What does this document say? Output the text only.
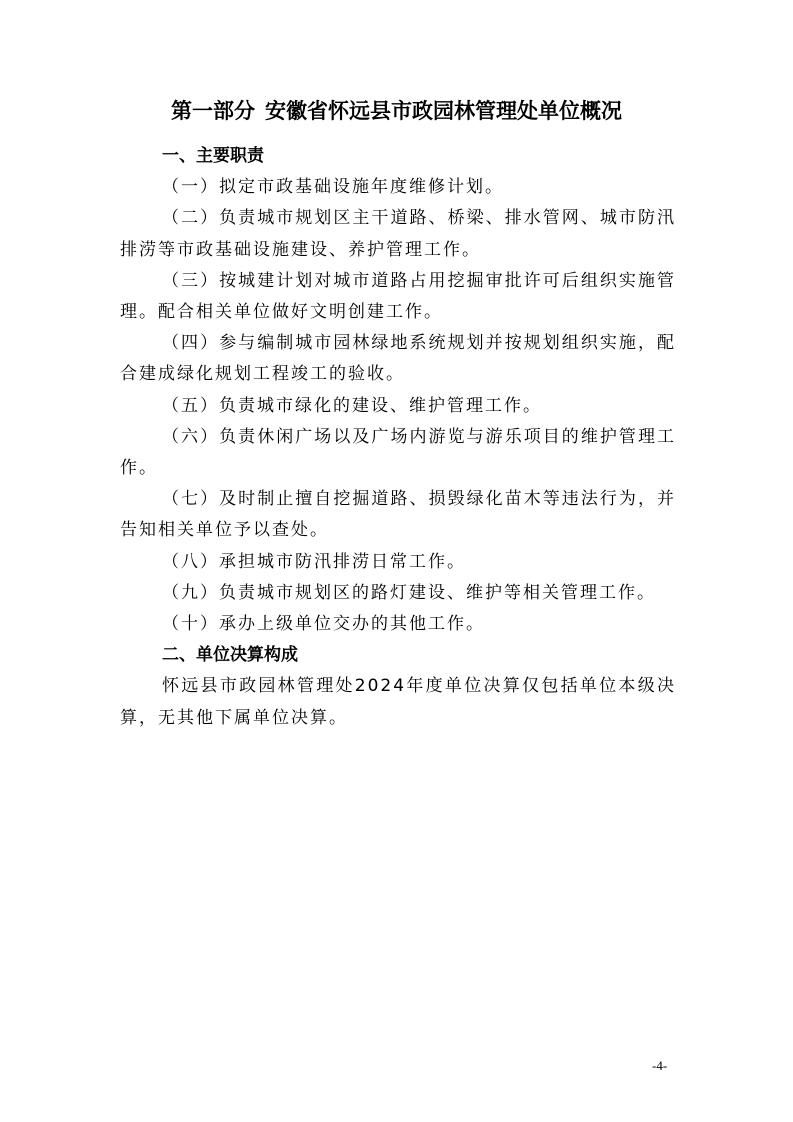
第一部分 安徽省怀远县市政园林管理处单位概况

一、主要职责

（一）拟定市政基础设施年度维修计划。

（二）负责城市规划区主干道路、桥梁、排水管网、城市防汛排涝等市政基础设施建设、养护管理工作。

（三）按城建计划对城市道路占用挖掘审批许可后组织实施管理。配合相关单位做好文明创建工作。

（四）参与编制城市园林绿地系统规划并按规划组织实施，配合建成绿化规划工程竣工的验收。

（五）负责城市绿化的建设、维护管理工作。

（六）负责休闲广场以及广场内游览与游乐项目的维护管理工作。

（七）及时制止擅自挖掘道路、损毁绿化苗木等违法行为，并告知相关单位予以查处。

（八）承担城市防汛排涝日常工作。

（九）负责城市规划区的路灯建设、维护等相关管理工作。

（十）承办上级单位交办的其他工作。

二、单位决算构成

怀远县市政园林管理处2024年度单位决算仅包括单位本级决算，无其他下属单位决算。

-4-
